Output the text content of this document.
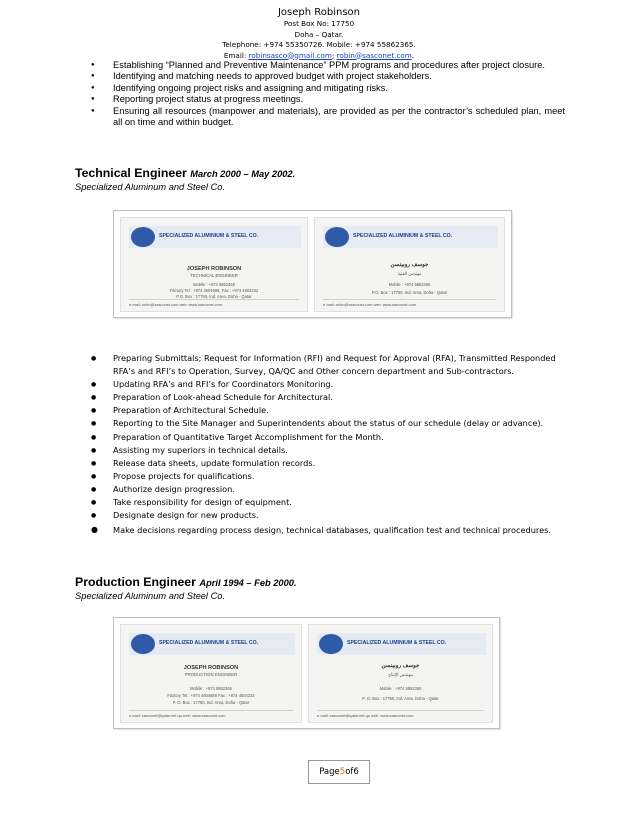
Joseph Robinson
Post Box No: 17750
Doha – Qatar.
Telephone: +974 55350726. Mobile: +974 55862365.
Email: robinsasco@gmail.com; robin@sasconet.com.
● Establishing “Planned and Preventive Maintenance” PPM programs and procedures after project closure.
● Identifying and matching needs to approved budget with project stakeholders.
● Identifying ongoing project risks and assigning and mitigating risks.
● Reporting project status at progress meetings.
● Ensuring all resources (manpower and materials), are provided as per the contractor’s scheduled plan, meet all on time and within budget.
Technical Engineer March 2000 – May 2002.
Specialized Aluminum and Steel Co.
SPECIALIZED ALUMINIUM & STEEL CO.
JOSEPH ROBINSON
TECHNICAL ENGINEER
Mobile : +974 5862365
Factory Tel : +974 4604688, Fax : +974 4604232
P.O. Box : 17750, Ind. Area, Doha - Qatar
e-mail: robin@sasconet.com web: www.sasconet.com
SPECIALIZED ALUMINIUM & STEEL CO.
جوسف روبينسن
مهندس الفنية
Mobile : +974 5862365
P.O. Box : 17750, Ind. Area, Doha - Qatar
e-mail: robin@sasconet.com web: www.sasconet.com
● Preparing Submittals; Request for Information (RFI) and Request for Approval (RFA), Transmitted Responded RFA’s and RFI’s to Operation, Survey, QA/QC and Other concern department and Sub-contractors.
● Updating RFA’s and RFI’s for Coordinators Monitoring.
● Preparation of Look-ahead Schedule for Architectural.
● Preparation of Architectural Schedule.
● Reporting to the Site Manager and Superintendents about the status of our schedule (delay or advance).
● Preparation of Quantitative Target Accomplishment for the Month.
● Assisting my superiors in technical details.
● Release data sheets, update formulation records.
● Propose projects for qualifications.
● Authorize design progression.
● Take responsibility for design of equipment.
● Designate design for new products.
● Make decisions regarding process design, technical databases, qualification test and technical procedures.
Production Engineer April 1994 – Feb 2000.
Specialized Aluminum and Steel Co.
SPECIALIZED ALUMINIUM & STEEL CO.
JOSEPH ROBINSON
PRODUCTION ENGINEER
Mobile : +974 5862365
Factory Tel : +974 4604688 Fax : +974 4604232
P. O. Box : 17750, Ind. Area, Doha - Qatar
e-mail: sasconet@qatar.net.qa web: www.sasconet.com
SPECIALIZED ALUMINIUM & STEEL CO.
جوسف روبينسن
مهندس الإنتاج
Mobile : +974 5862365
P. O. Box : 17750, Ind. Area, Doha - Qatar
e-mail: sasconet@qatar.net.qa web: www.sasconet.com
Page5of6
